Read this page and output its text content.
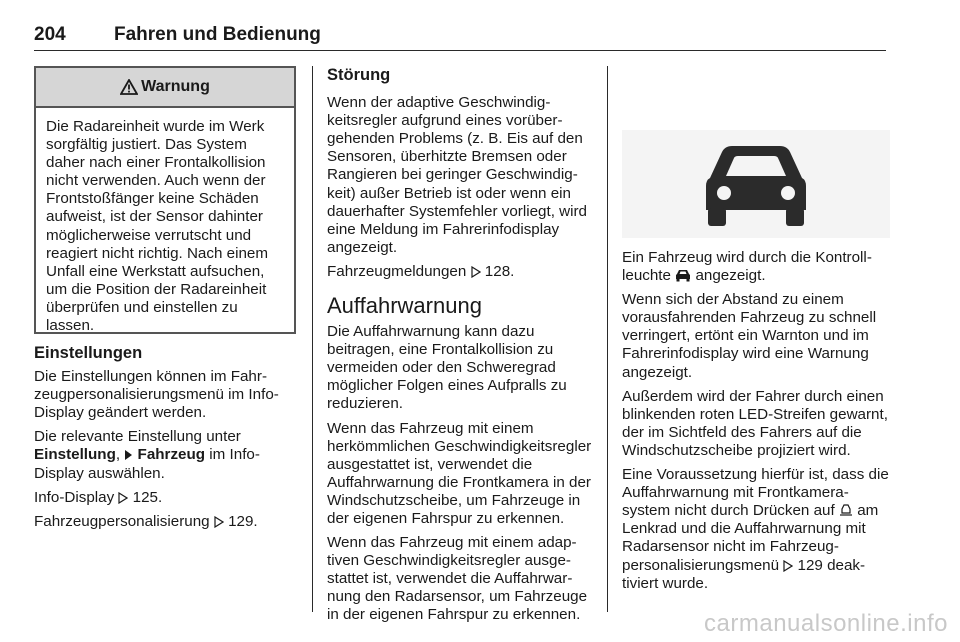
204	Fahren und Bedienung
Warnung
Die Radareinheit wurde im Werk sorgfältig justiert. Das System daher nach einer Frontalkollision nicht verwenden. Auch wenn der Frontstoßfänger keine Schäden aufweist, ist der Sensor dahinter möglicherweise verrutscht und reagiert nicht richtig. Nach einem Unfall eine Werkstatt aufsuchen, um die Position der Radareinheit überprüfen und einstellen zu lassen.
Einstellungen

Die Einstellungen können im Fahrzeugpersonalisierungsmenü im Info-Display geändert werden.

Die relevante Einstellung unter Einstellung,  Fahrzeug im Info-Display auswählen.

Info-Display 125.

Fahrzeugpersonalisierung 129.

Störung

Wenn der adaptive Geschwindigkeitsregler aufgrund eines vorübergehenden Problems (z. B. Eis auf den Sensoren, überhitzte Bremsen oder Rangieren bei geringer Geschwindigkeit) außer Betrieb ist oder wenn ein dauerhafter Systemfehler vorliegt, wird eine Meldung im Fahrerinfodisplay angezeigt.

Fahrzeugmeldungen 128.

Auffahrwarnung

Die Auffahrwarnung kann dazu beitragen, eine Frontalkollision zu vermeiden oder den Schweregrad möglicher Folgen eines Aufpralls zu reduzieren.

Wenn das Fahrzeug mit einem herkömmlichen Geschwindigkeitsregler ausgestattet ist, verwendet die Auffahrwarnung die Frontkamera in der Windschutzscheibe, um Fahrzeuge in der eigenen Fahrspur zu erkennen.

Wenn das Fahrzeug mit einem adaptiven Geschwindigkeitsregler ausgestattet ist, verwendet die Auffahrwarnung den Radarsensor, um Fahrzeuge in der eigenen Fahrspur zu erkennen.

Ein Fahrzeug wird durch die Kontrollleuchte angezeigt.

Wenn sich der Abstand zu einem vorausfahrenden Fahrzeug zu schnell verringert, ertönt ein Warnton und im Fahrerinfodisplay wird eine Warnung angezeigt.

Außerdem wird der Fahrer durch einen blinkenden roten LED-Streifen gewarnt, der im Sichtfeld des Fahrers auf die Windschutzscheibe projiziert wird.

Eine Voraussetzung hierfür ist, dass die Auffahrwarnung mit Frontkamerasystem nicht durch Drücken auf am Lenkrad und die Auffahrwarnung mit Radarsensor nicht im Fahrzeugpersonalisierungsmenü 129 deaktiviert wurde.

carmanualsonline.info
